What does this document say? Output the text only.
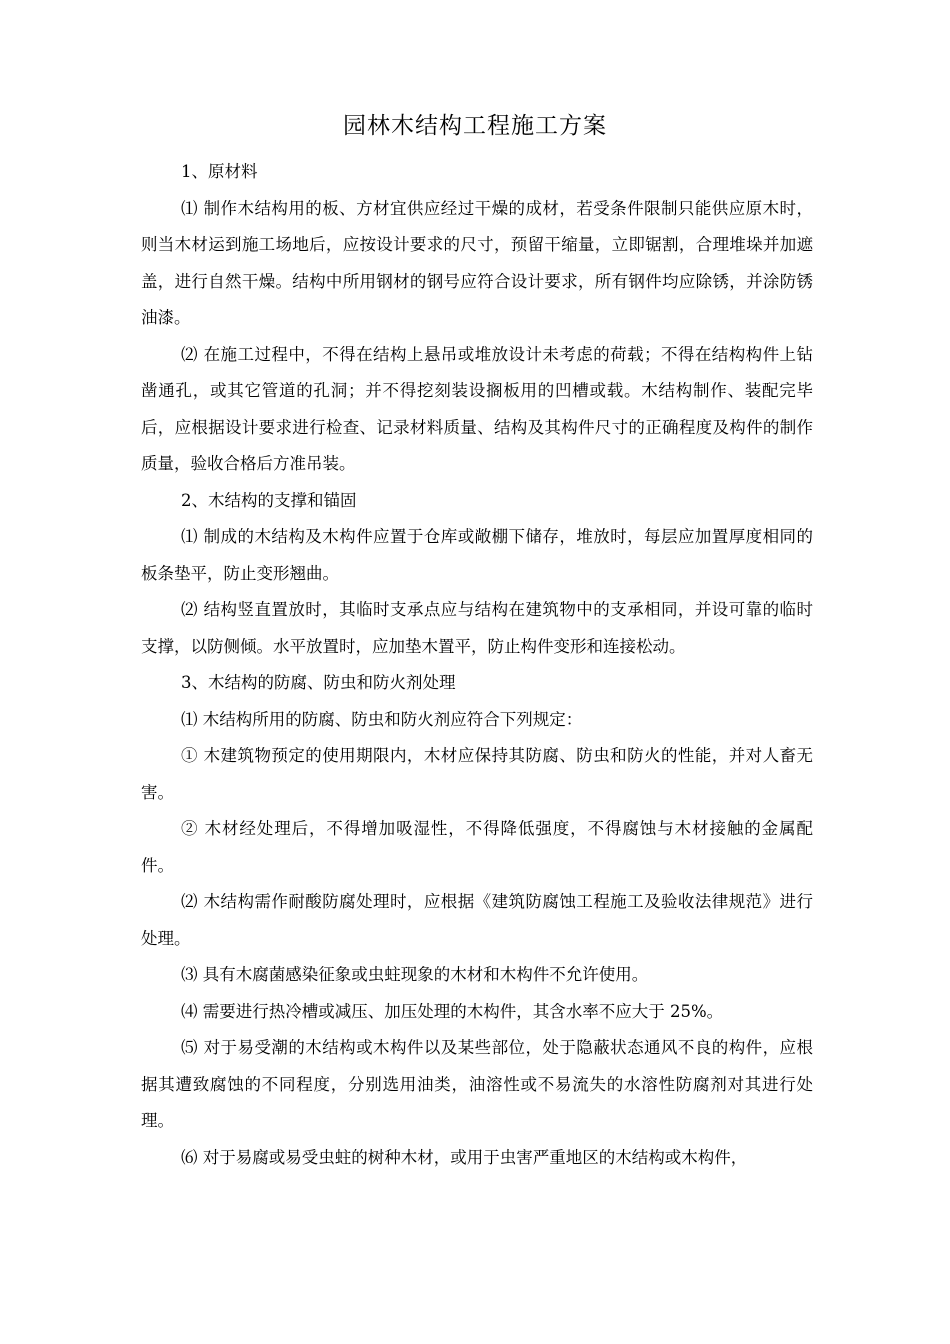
园林木结构工程施工方案

1、原材料

⑴ 制作木结构用的板、方材宜供应经过干燥的成材，若受条件限制只能供应原木时，则当木材运到施工场地后，应按设计要求的尺寸，预留干缩量，立即锯割，合理堆垛并加遮盖，进行自然干燥。结构中所用钢材的钢号应符合设计要求，所有钢件均应除锈，并涂防锈油漆。

⑵ 在施工过程中，不得在结构上悬吊或堆放设计未考虑的荷载；不得在结构构件上钻凿通孔，或其它管道的孔洞；并不得挖刻装设搁板用的凹槽或载。木结构制作、装配完毕后，应根据设计要求进行检查、记录材料质量、结构及其构件尺寸的正确程度及构件的制作质量，验收合格后方准吊装。

2、木结构的支撑和锚固

⑴ 制成的木结构及木构件应置于仓库或敞棚下储存，堆放时，每层应加置厚度相同的板条垫平，防止变形翘曲。

⑵ 结构竖直置放时，其临时支承点应与结构在建筑物中的支承相同，并设可靠的临时支撑，以防侧倾。水平放置时，应加垫木置平，防止构件变形和连接松动。

3、木结构的防腐、防虫和防火剂处理

⑴ 木结构所用的防腐、防虫和防火剂应符合下列规定：

① 木建筑物预定的使用期限内，木材应保持其防腐、防虫和防火的性能，并对人畜无害。

② 木材经处理后，不得增加吸湿性，不得降低强度，不得腐蚀与木材接触的金属配件。

⑵ 木结构需作耐酸防腐处理时，应根据《建筑防腐蚀工程施工及验收法律规范》进行处理。

⑶ 具有木腐菌感染征象或虫蛀现象的木材和木构件不允许使用。

⑷ 需要进行热冷槽或减压、加压处理的木构件，其含水率不应大于 25%。

⑸ 对于易受潮的木结构或木构件以及某些部位，处于隐蔽状态通风不良的构件，应根据其遭致腐蚀的不同程度，分别选用油类，油溶性或不易流失的水溶性防腐剂对其进行处理。

⑹ 对于易腐或易受虫蛀的树种木材，或用于虫害严重地区的木结构或木构件，
